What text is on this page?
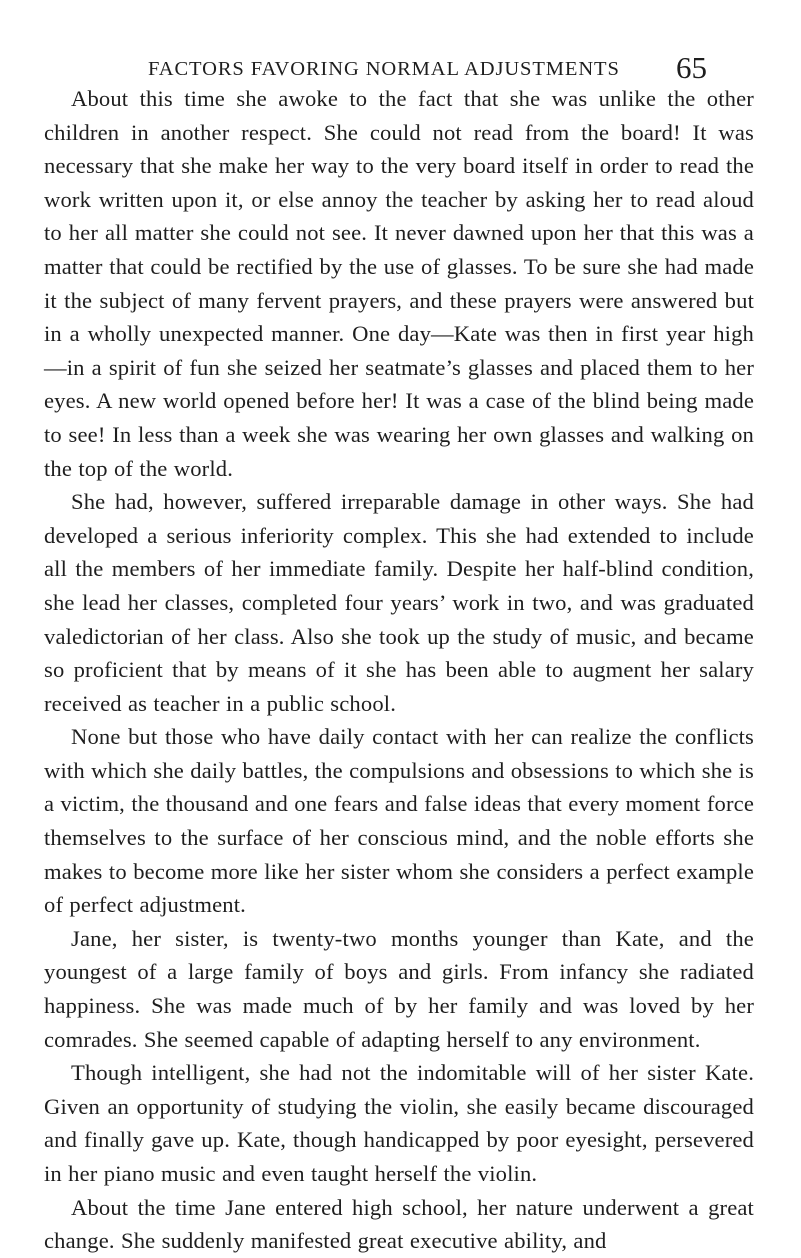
FACTORS FAVORING NORMAL ADJUSTMENTS 65

About this time she awoke to the fact that she was unlike the other children in another respect. She could not read from the board! It was necessary that she make her way to the very board itself in order to read the work written upon it, or else annoy the teacher by asking her to read aloud to her all matter she could not see. It never dawned upon her that this was a matter that could be rectified by the use of glasses. To be sure she had made it the subject of many fervent prayers, and these prayers were answered but in a wholly unexpected manner. One day—Kate was then in first year high—in a spirit of fun she seized her seatmate’s glasses and placed them to her eyes. A new world opened before her! It was a case of the blind being made to see! In less than a week she was wearing her own glasses and walking on the top of the world.

She had, however, suffered irreparable damage in other ways. She had developed a serious inferiority complex. This she had extended to include all the members of her immediate family. Despite her half-blind condition, she lead her classes, completed four years’ work in two, and was graduated valedictorian of her class. Also she took up the study of music, and became so proficient that by means of it she has been able to augment her salary received as teacher in a public school.

None but those who have daily contact with her can realize the conflicts with which she daily battles, the compulsions and obsessions to which she is a victim, the thousand and one fears and false ideas that every moment force themselves to the surface of her conscious mind, and the noble efforts she makes to become more like her sister whom she considers a perfect example of perfect adjustment.

Jane, her sister, is twenty-two months younger than Kate, and the youngest of a large family of boys and girls. From infancy she radiated happiness. She was made much of by her family and was loved by her comrades. She seemed capable of adapting herself to any environment.

Though intelligent, she had not the indomitable will of her sister Kate. Given an opportunity of studying the violin, she easily became discouraged and finally gave up. Kate, though handicapped by poor eyesight, persevered in her piano music and even taught herself the violin.

About the time Jane entered high school, her nature underwent a great change. She suddenly manifested great executive ability, and
